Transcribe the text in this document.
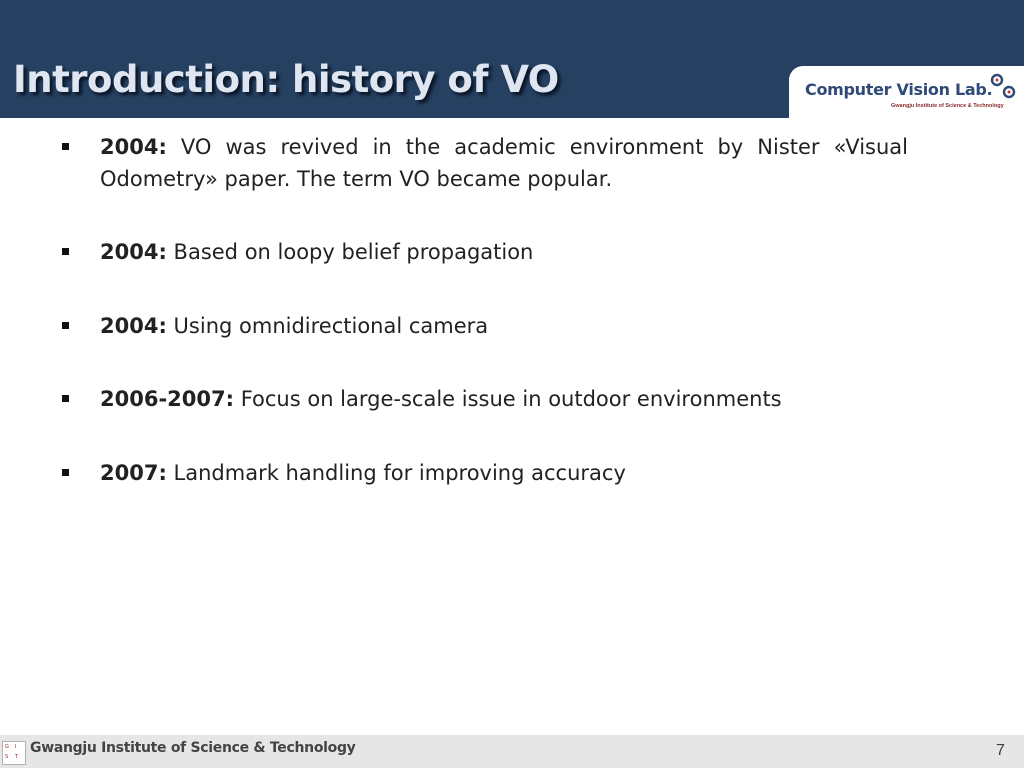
Introduction: history of VO	Computer Vision Lab.
Gwangju Institute of Science & Technology
2004: VO was revived in the academic environment by Nister «Visual Odometry» paper. The term VO became popular.
2004: Based on loopy belief propagation
2004: Using omnidirectional camera
2006-2007: Focus on large-scale issue in outdoor environments
2007: Landmark handling for improving accuracy
G I
S T
Gwangju Institute of Science & Technology	7
